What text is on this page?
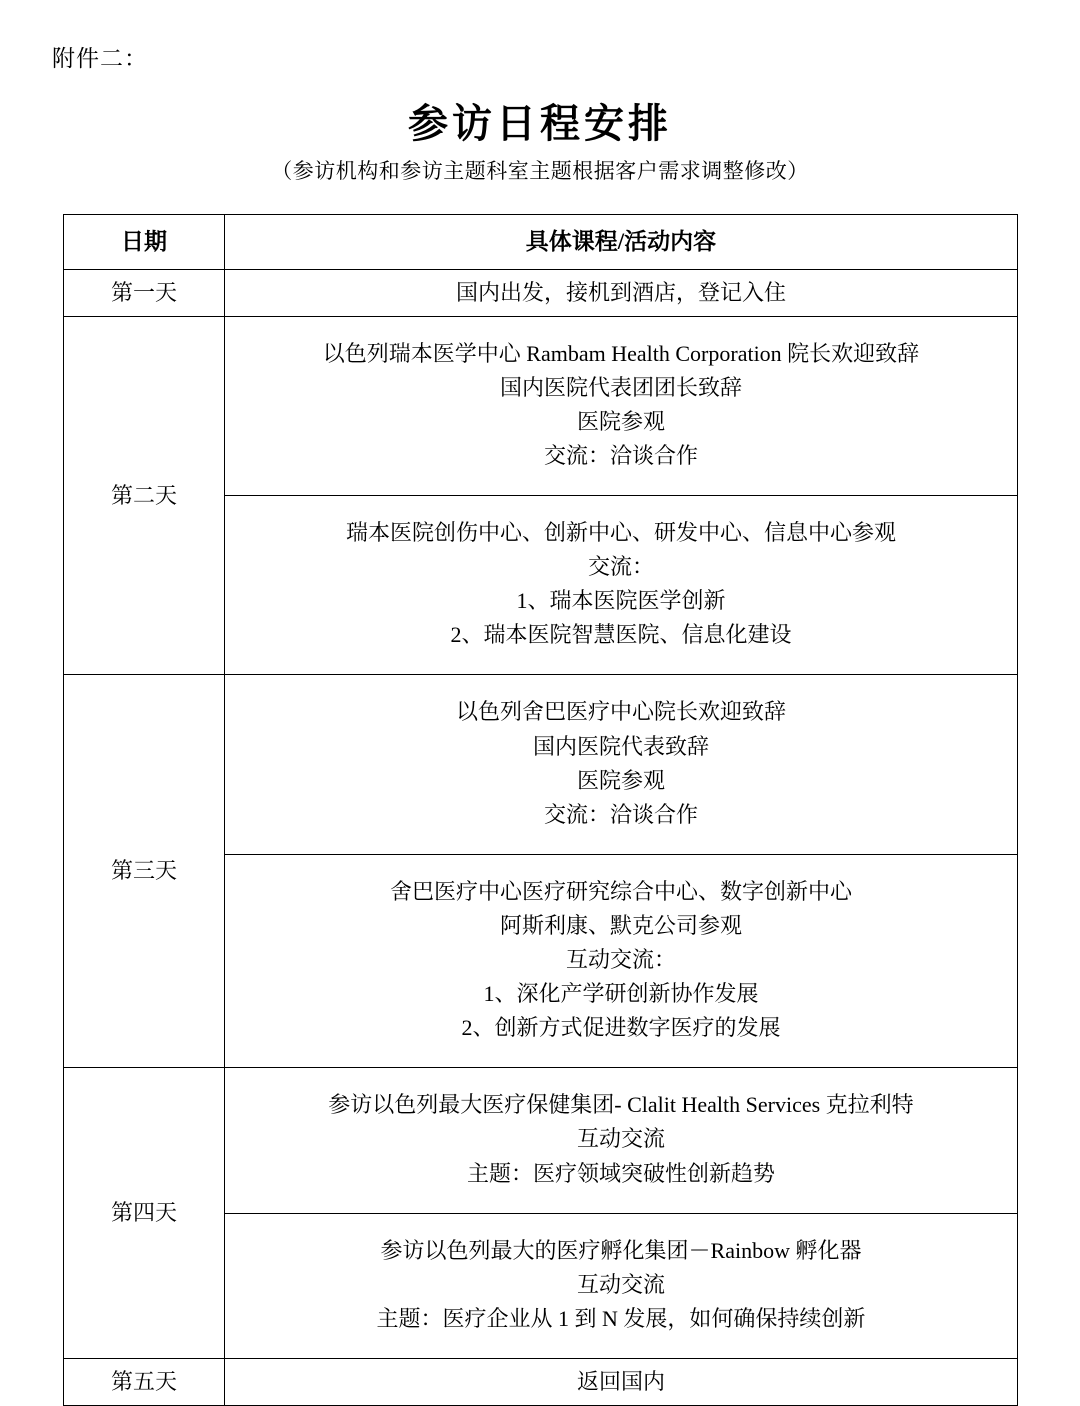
附件二：
参访日程安排
（参访机构和参访主题科室主题根据客户需求调整修改）
日期	具体课程/活动内容
第一天	国内出发，接机到酒店，登记入住

第二天	以色列瑞本医学中心 Rambam Health Corporation 院长欢迎致辞
国内医院代表团团长致辞
医院参观
交流：洽谈合作

	瑞本医院创伤中心、创新中心、研发中心、信息中心参观
交流：
1、瑞本医院医学创新
2、瑞本医院智慧医院、信息化建设

第三天	以色列舍巴医疗中心院长欢迎致辞
国内医院代表致辞
医院参观
交流：洽谈合作

	舍巴医疗中心医疗研究综合中心、数字创新中心
阿斯利康、默克公司参观
互动交流：
1、深化产学研创新协作发展
2、创新方式促进数字医疗的发展

第四天	参访以色列最大医疗保健集团- Clalit Health Services 克拉利特
互动交流
主题：医疗领域突破性创新趋势

	参访以色列最大的医疗孵化集团－Rainbow 孵化器
互动交流
主题：医疗企业从 1 到 N 发展，如何确保持续创新

第五天	返回国内
